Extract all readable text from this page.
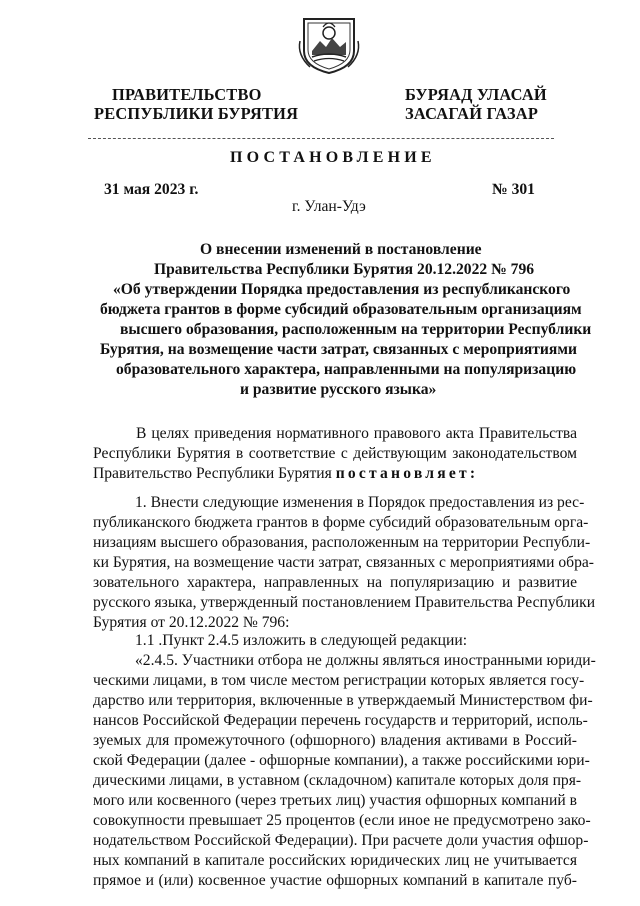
ПРАВИТЕЛЬСТВО
РЕСПУБЛИКИ БУРЯТИЯ
БУРЯАД УЛАСАЙ
ЗАСАГАЙ ГАЗАР
ПОСТАНОВЛЕНИЕ
31 мая 2023 г.	№ 301
г. Улан-Удэ
О внесении изменений в постановление
Правительства Республики Бурятия 20.12.2022 № 796
«Об утверждении Порядка предоставления из республиканского
бюджета грантов в форме субсидий образовательным организациям
высшего образования, расположенным на территории Республики
Бурятия, на возмещение части затрат, связанных с мероприятиями
образовательного характера, направленными на популяризацию
и развитие русского языка»
В целях приведения нормативного правового акта Правительства
Республики Бурятия в соответствие с действующим законодательством
Правительство Республики Бурятия постановляет:
1. Внести следующие изменения в Порядок предоставления из рес-
публиканского бюджета грантов в форме субсидий образовательным орга-
низациям высшего образования, расположенным на территории Республи-
ки Бурятия, на возмещение части затрат, связанных с мероприятиями обра-
зовательного характера, направленных на популяризацию и развитие
русского языка, утвержденный постановлением Правительства Республики
Бурятия от 20.12.2022 № 796:
1.1 .Пункт 2.4.5 изложить в следующей редакции:
«2.4.5. Участники отбора не должны являться иностранными юриди-
ческими лицами, в том числе местом регистрации которых является госу-
дарство или территория, включенные в утверждаемый Министерством фи-
нансов Российской Федерации перечень государств и территорий, исполь-
зуемых для промежуточного (офшорного) владения активами в Россий-
ской Федерации (далее - офшорные компании), а также российскими юри-
дическими лицами, в уставном (складочном) капитале которых доля пря-
мого или косвенного (через третьих лиц) участия офшорных компаний в
совокупности превышает 25 процентов (если иное не предусмотрено зако-
нодательством Российской Федерации). При расчете доли участия офшор-
ных компаний в капитале российских юридических лиц не учитывается
прямое и (или) косвенное участие офшорных компаний в капитале пуб-
